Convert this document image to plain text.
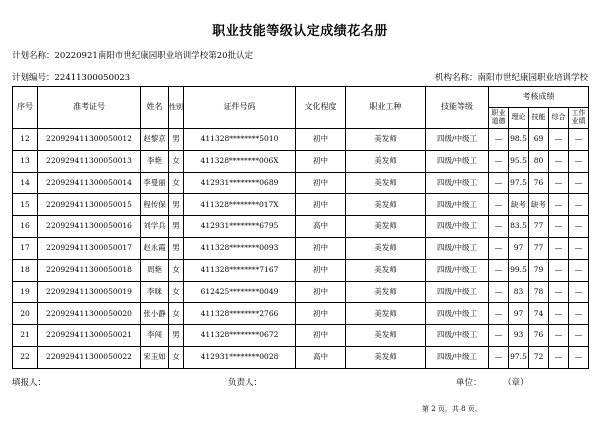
职业技能等级认定成绩花名册
计划名称：20220921南阳市世纪康园职业培训学校第20批认定
计划编号：22411300050023	机构名称：南阳市世纪康园职业培训学校
序号	准考证号	姓名	性别	证件号码	文化程度	职业工种	技能等级	考核成绩				
								职业道德	理论	技能	综合	工作业绩
12	220929411300050012	赵黎京	男	411328********5010	初中	美发师	四级/中级工	—	98.5	69	—	—
13	220929411300050013	李艳	女	411328********006X	初中	美发师	四级/中级工	—	95.5	80	—	—
14	220929411300050014	李曼丽	女	412931********0689	初中	美发师	四级/中级工	—	97.5	76	—	—
15	220929411300050015	程传保	男	411328********017X	初中	美发师	四级/中级工	—	缺考	缺考	—	—
16	220929411300050016	刘学兵	男	412931********6795	高中	美发师	四级/中级工	—	83.5	77	—	—
17	220929411300050017	赵永霞	男	411328********0093	初中	美发师	四级/中级工	—	97	77	—	—
18	220929411300050018	周艳	女	411328********7167	初中	美发师	四级/中级工	—	99.5	79	—	—
19	220929411300050019	李咪	女	612425********0049	初中	美发师	四级/中级工	—	83	78	—	—
20	220929411300050020	张小静	女	411328********2766	初中	美发师	四级/中级工	—	97	74	—	—
21	220929411300050021	李闯	男	411328********0672	初中	美发师	四级/中级工	—	93	76	—	—
22	220929411300050022	宋玉如	女	412931********0028	高中	美发师	四级/中级工	—	97.5	72	—	—
填报人：	负责人：	单位：        （章）
第 2 页，共 8 页。
